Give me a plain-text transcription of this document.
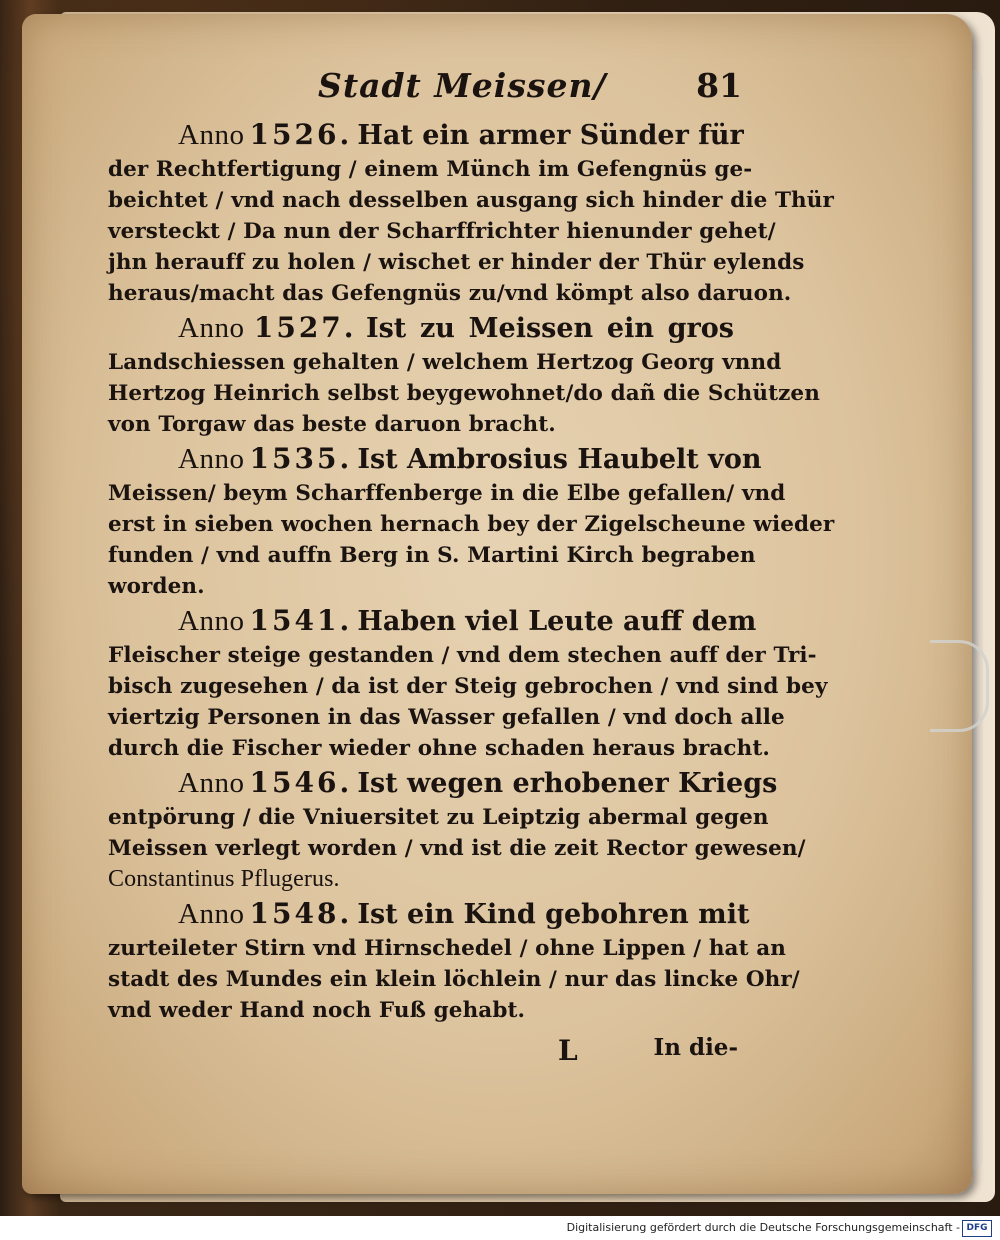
Stadt Meissen/	81
Anno 1526. Hat ein armer Sünder für
der Rechtfertigung / einem Münch im Gefengnüs ge-
beichtet / vnd nach desselben ausgang sich hinder die Thür
versteckt / Da nun der Scharffrichter hienunder gehet/
jhn herauff zu holen / wischet er hinder der Thür eylends
heraus/macht das Gefengnüs zu/vnd kömpt also daruon.
Anno 1527. Ist zu Meissen ein gros
Landschiessen gehalten / welchem Hertzog Georg vnnd
Hertzog Heinrich selbst beygewohnet/do dañ die Schützen
von Torgaw das beste daruon bracht.
Anno 1535. Ist Ambrosius Haubelt von
Meissen/ beym Scharffenberge in die Elbe gefallen/ vnd
erst in sieben wochen hernach bey der Zigelscheune wieder
funden / vnd auffn Berg in S. Martini Kirch begraben
worden.
Anno 1541. Haben viel Leute auff dem
Fleischer steige gestanden / vnd dem stechen auff der Tri-
bisch zugesehen / da ist der Steig gebrochen / vnd sind bey
viertzig Personen in das Wasser gefallen / vnd doch alle
durch die Fischer wieder ohne schaden heraus bracht.
Anno 1546. Ist wegen erhobener Kriegs
entpörung / die Vniuersitet zu Leiptzig abermal gegen
Meissen verlegt worden / vnd ist die zeit Rector gewesen/
Constantinus Pflugerus.
Anno 1548. Ist ein Kind gebohren mit
zurteileter Stirn vnd Hirnschedel / ohne Lippen / hat an
stadt des Mundes ein klein löchlein / nur das lincke Ohr/
vnd weder Hand noch Fuß gehabt.
L	In die-
Digitalisierung gefördert durch die Deutsche Forschungsgemeinschaft - DFG
